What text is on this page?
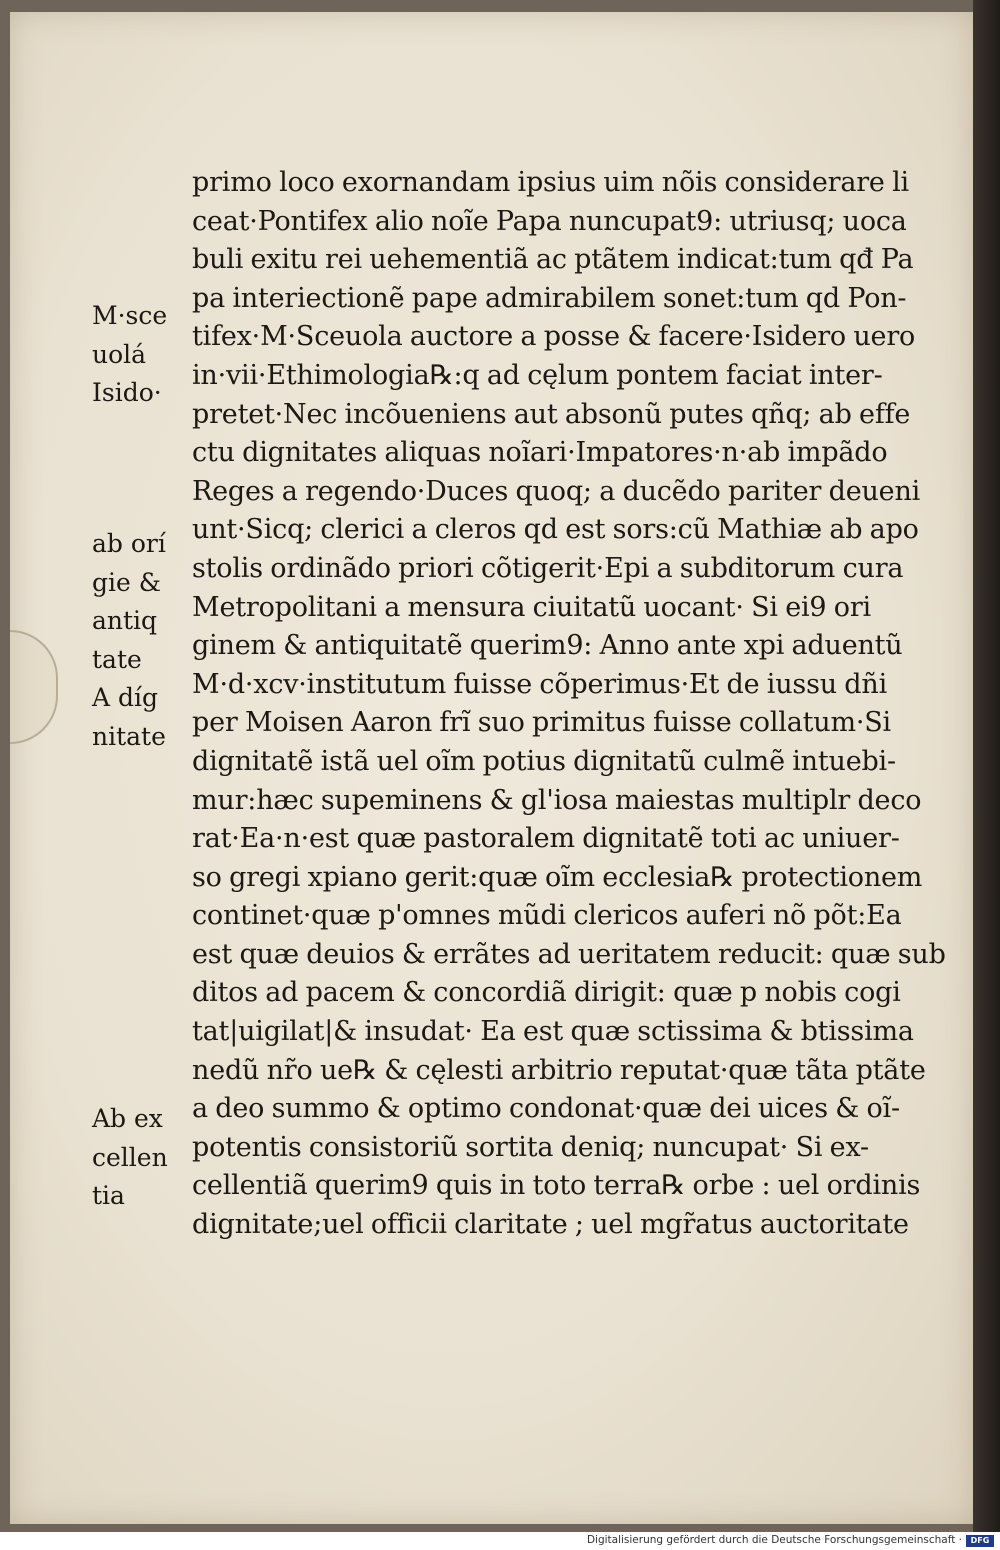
M·sce
uolá
Isido·
ab orí
gie &
antiq
tate
A díg
nitate
Ab ex
cellen
tia
primo loco exornandam ipsius uim nõis considerare li
ceat·Pontifex alio noĩe Papa nuncupat9: utriusq; uoca
buli exitu rei uehementiã ac ptãtem indicat:tum qđ Pa
pa interiectionẽ pape admirabilem sonet:tum qd Pon-
tifex·M·Sceuola auctore a posse & facere·Isidero uero
in·vii·Ethimologia℞:q ad cęlum pontem faciat inter-
pretet·Nec incõueniens aut absonũ putes qñq; ab effe
ctu dignitates aliquas noĩari·Impatores·n·ab impãdo
Reges a regendo·Duces quoq; a ducẽdo pariter deueni
unt·Sicq; clerici a cleros qd est sors:cũ Mathiæ ab apo
stolis ordinãdo priori cõtigerit·Epi a subditorum cura
Metropolitani a mensura ciuitatũ uocant· Si ei9 ori
ginem & antiquitatẽ querim9: Anno ante xpi aduentũ
M·d·xcv·institutum fuisse cõperimus·Et de iussu dñi
per Moisen Aaron frĩ suo primitus fuisse collatum·Si
dignitatẽ istã uel oĩm potius dignitatũ culmẽ intuebi-
mur:hæc supeminens & gl'iosa maiestas multiplr deco
rat·Ea·n·est quæ pastoralem dignitatẽ toti ac uniuer-
so gregi xpiano gerit:quæ oĩm ecclesia℞ protectionem
continet·quæ p'omnes mũdi clericos auferi nõ põt:Ea
est quæ deuios & errãtes ad ueritatem reducit: quæ sub
ditos ad pacem & concordiã dirigit: quæ p nobis cogi
tat|uigilat|& insudat· Ea est quæ sctissima & btissima
nedũ nr̃o ue℞ & cęlesti arbitrio reputat·quæ tãta ptãte
a deo summo & optimo condonat·quæ dei uices & oĩ-
potentis consistoriũ sortita deniq; nuncupat· Si ex-
cellentiã querim9 quis in toto terra℞ orbe : uel ordinis
dignitate;uel officii claritate ; uel mgr̃atus auctoritate
Digitalisierung gefördert durch die Deutsche Forschungsgemeinschaft ·	DFG
